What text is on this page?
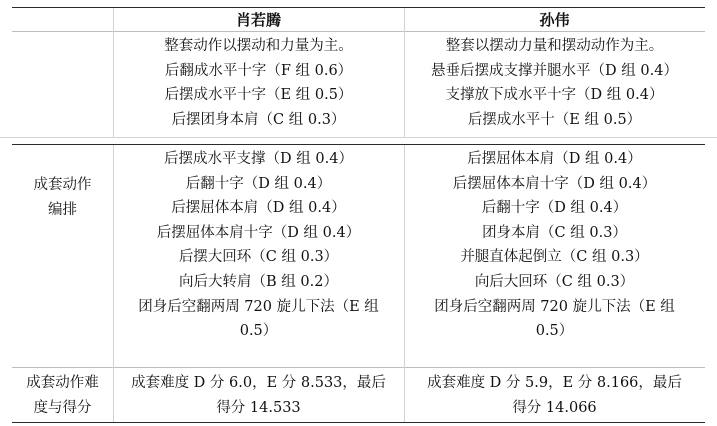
肖若腾	孙伟
整套动作以摆动和力量为主。
后翻成水平十字（F 组 0.6）
后摆成水平十字（E 组 0.5）
后摆团身本肩（C 组 0.3）
整套以摆动力量和摆动动作为主。
悬垂后摆成支撑并腿水平（D 组 0.4）
支撑放下成水平十字（D 组 0.4）
后摆成水平十（E 组 0.5）
成套动作
编排
后摆成水平支撑（D 组 0.4）
后翻十字（D 组 0.4）
后摆屈体本肩（D 组 0.4）
后摆屈体本肩十字（D 组 0.4）
后摆大回环（C 组 0.3）
向后大转肩（B 组 0.2）
团身后空翻两周 720 旋儿下法（E 组
0.5）
后摆屈体本肩（D 组 0.4）
后摆屈体本肩十字（D 组 0.4）
后翻十字（D 组 0.4）
团身本肩（C 组 0.3）
并腿直体起倒立（C 组 0.3）
向后大回环（C 组 0.3）
团身后空翻两周 720 旋儿下法（E 组
0.5）
成套动作难
度与得分
成套难度 D 分 6.0，E 分 8.533，最后
得分 14.533
成套难度 D 分 5.9，E 分 8.166，最后
得分 14.066
